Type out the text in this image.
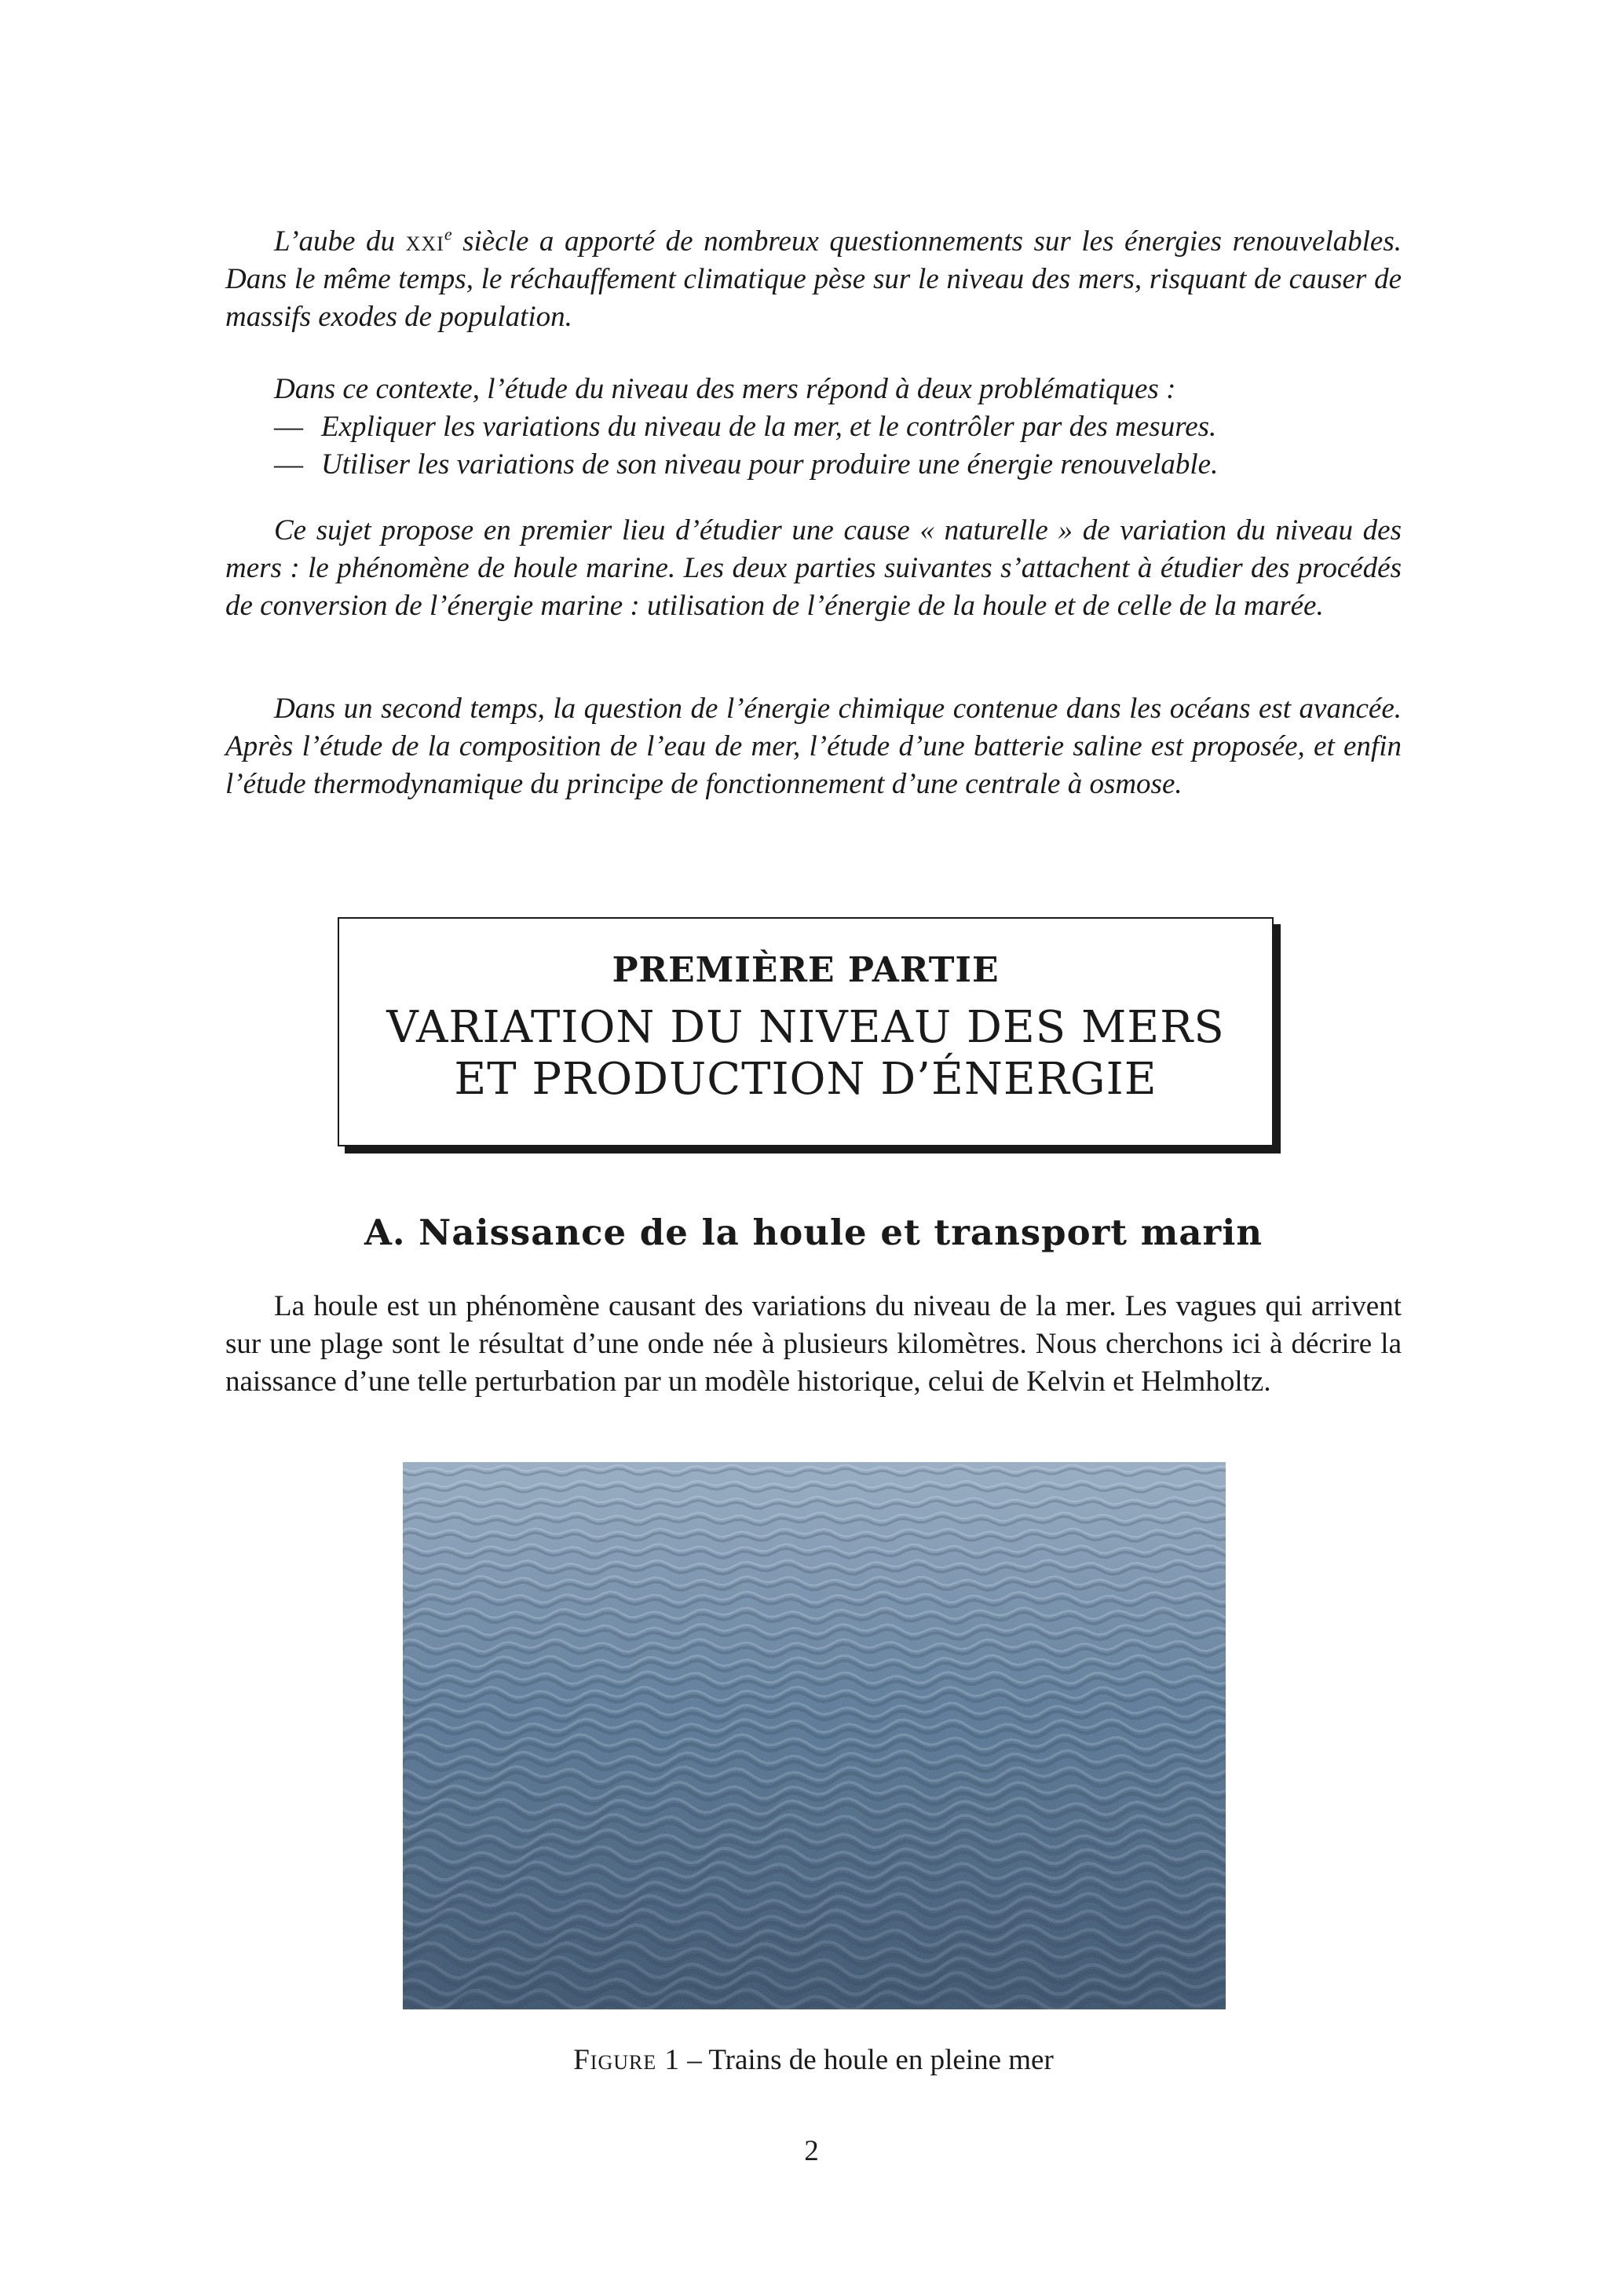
L’aube du xxi$^e$ siècle a apporté de nombreux questionnements sur les énergies renouvelables. Dans le même temps, le réchauffement climatique pèse sur le niveau des mers, risquant de causer de massifs exodes de population.

Dans ce contexte, l’étude du niveau des mers répond à deux problématiques :

— Expliquer les variations du niveau de la mer, et le contrôler par des mesures.

— Utiliser les variations de son niveau pour produire une énergie renouvelable.

Ce sujet propose en premier lieu d’étudier une cause « naturelle » de variation du niveau des mers : le phénomène de houle marine. Les deux parties suivantes s’attachent à étudier des procédés de conversion de l’énergie marine : utilisation de l’énergie de la houle et de celle de la marée.

Dans un second temps, la question de l’énergie chimique contenue dans les océans est avancée. Après l’étude de la composition de l’eau de mer, l’étude d’une batterie saline est proposée, et enfin l’étude thermodynamique du principe de fonctionnement d’une centrale à osmose.

PREMIÈRE PARTIE

VARIATION DU NIVEAU DES MERS
ET PRODUCTION D’ÉNERGIE

A. Naissance de la houle et transport marin

La houle est un phénomène causant des variations du niveau de la mer. Les vagues qui arrivent sur une plage sont le résultat d’une onde née à plusieurs kilomètres. Nous cherchons ici à décrire la naissance d’une telle perturbation par un modèle historique, celui de Kelvin et Helmholtz.

Figure 1 – Trains de houle en pleine mer

2
